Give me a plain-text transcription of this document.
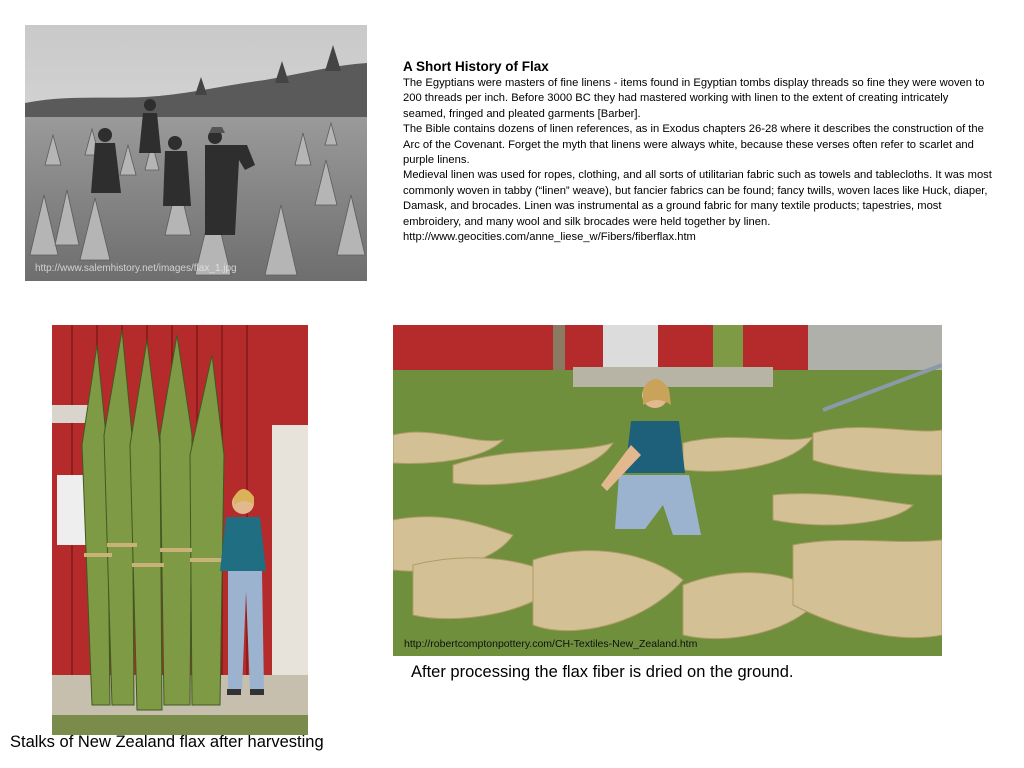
http://www.salemhistory.net/images/flax_1.jpg

A Short History of Flax

The Egyptians were masters of fine linens - items found in Egyptian tombs display threads so fine they were woven to 200 threads per inch. Before 3000 BC they had mastered working with linen to the extent of creating intricately seamed, fringed and pleated garments [Barber].

The Bible contains dozens of linen references, as in Exodus chapters 26-28 where it describes the construction of the Arc of the Covenant. Forget the myth that linens were always white, because these verses often refer to scarlet and purple linens.

Medieval linen was used for ropes, clothing, and all sorts of utilitarian fabric such as towels and tablecloths. It was most commonly woven in tabby (“linen” weave), but fancier fabrics can be found; fancy twills, woven laces like Huck, diaper, Damask, and brocades. Linen was instrumental as a ground fabric for many textile products; tapestries, most embroidery, and many wool and silk brocades were held together by linen.

http://www.geocities.com/anne_liese_w/Fibers/fiberflax.htm

http://robertcomptonpottery.com/CH-Textiles-New_Zealand.htm
After processing the flax fiber is dried on the ground.
Stalks of New Zealand flax after harvesting
